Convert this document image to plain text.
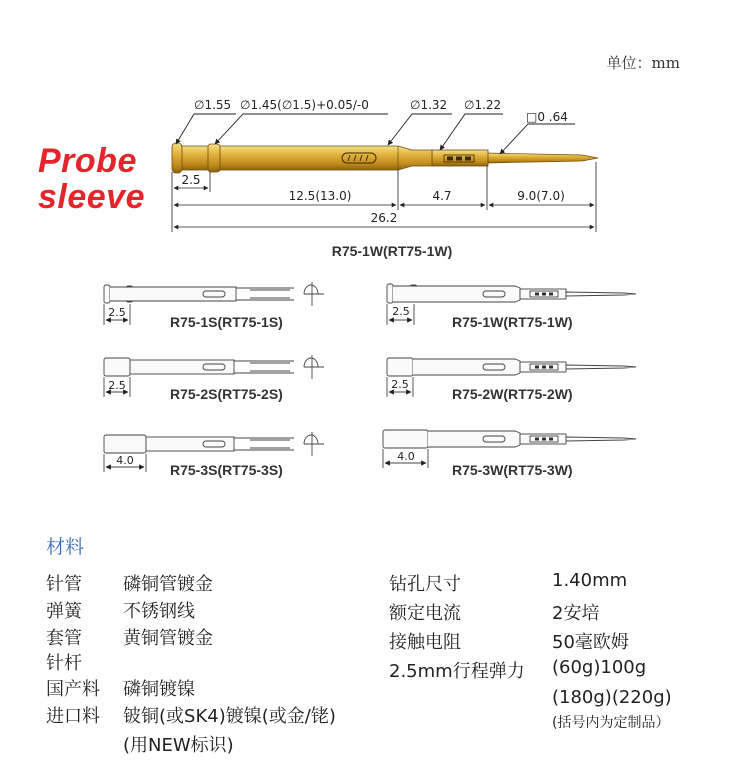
∅1.55 ∅1.45(∅1.5)+0.05/-0	∅1.32 ∅1.22
□0 .64
2.5
12.5(13.0)	4.7	9.0(7.0)
26.2
R75-1W(RT75-1W)
2.5	2.5
2.5	2.5
4.0	4.0
R75-1S(RT75-1S)	R75-1W(RT75-1W)
R75-2S(RT75-2S)	R75-2W(RT75-2W)
R75-3S(RT75-3S)	R75-3W(RT75-3W)
单位：mm
Probe
sleeve
材料
针管 磷铜管镀金
弹簧 不锈钢线
套管 黄铜管镀金
针杆
国产料 磷铜镀镍
进口料 铍铜(或SK4)镀镍(或金/铑)
(用NEW标识)
钻孔尺寸	1.40mm
额定电流	2安培
接触电阻	50毫欧姆
2.5mm行程弹力 (60g)100g
(180g)(220g)
(括号内为定制品）
